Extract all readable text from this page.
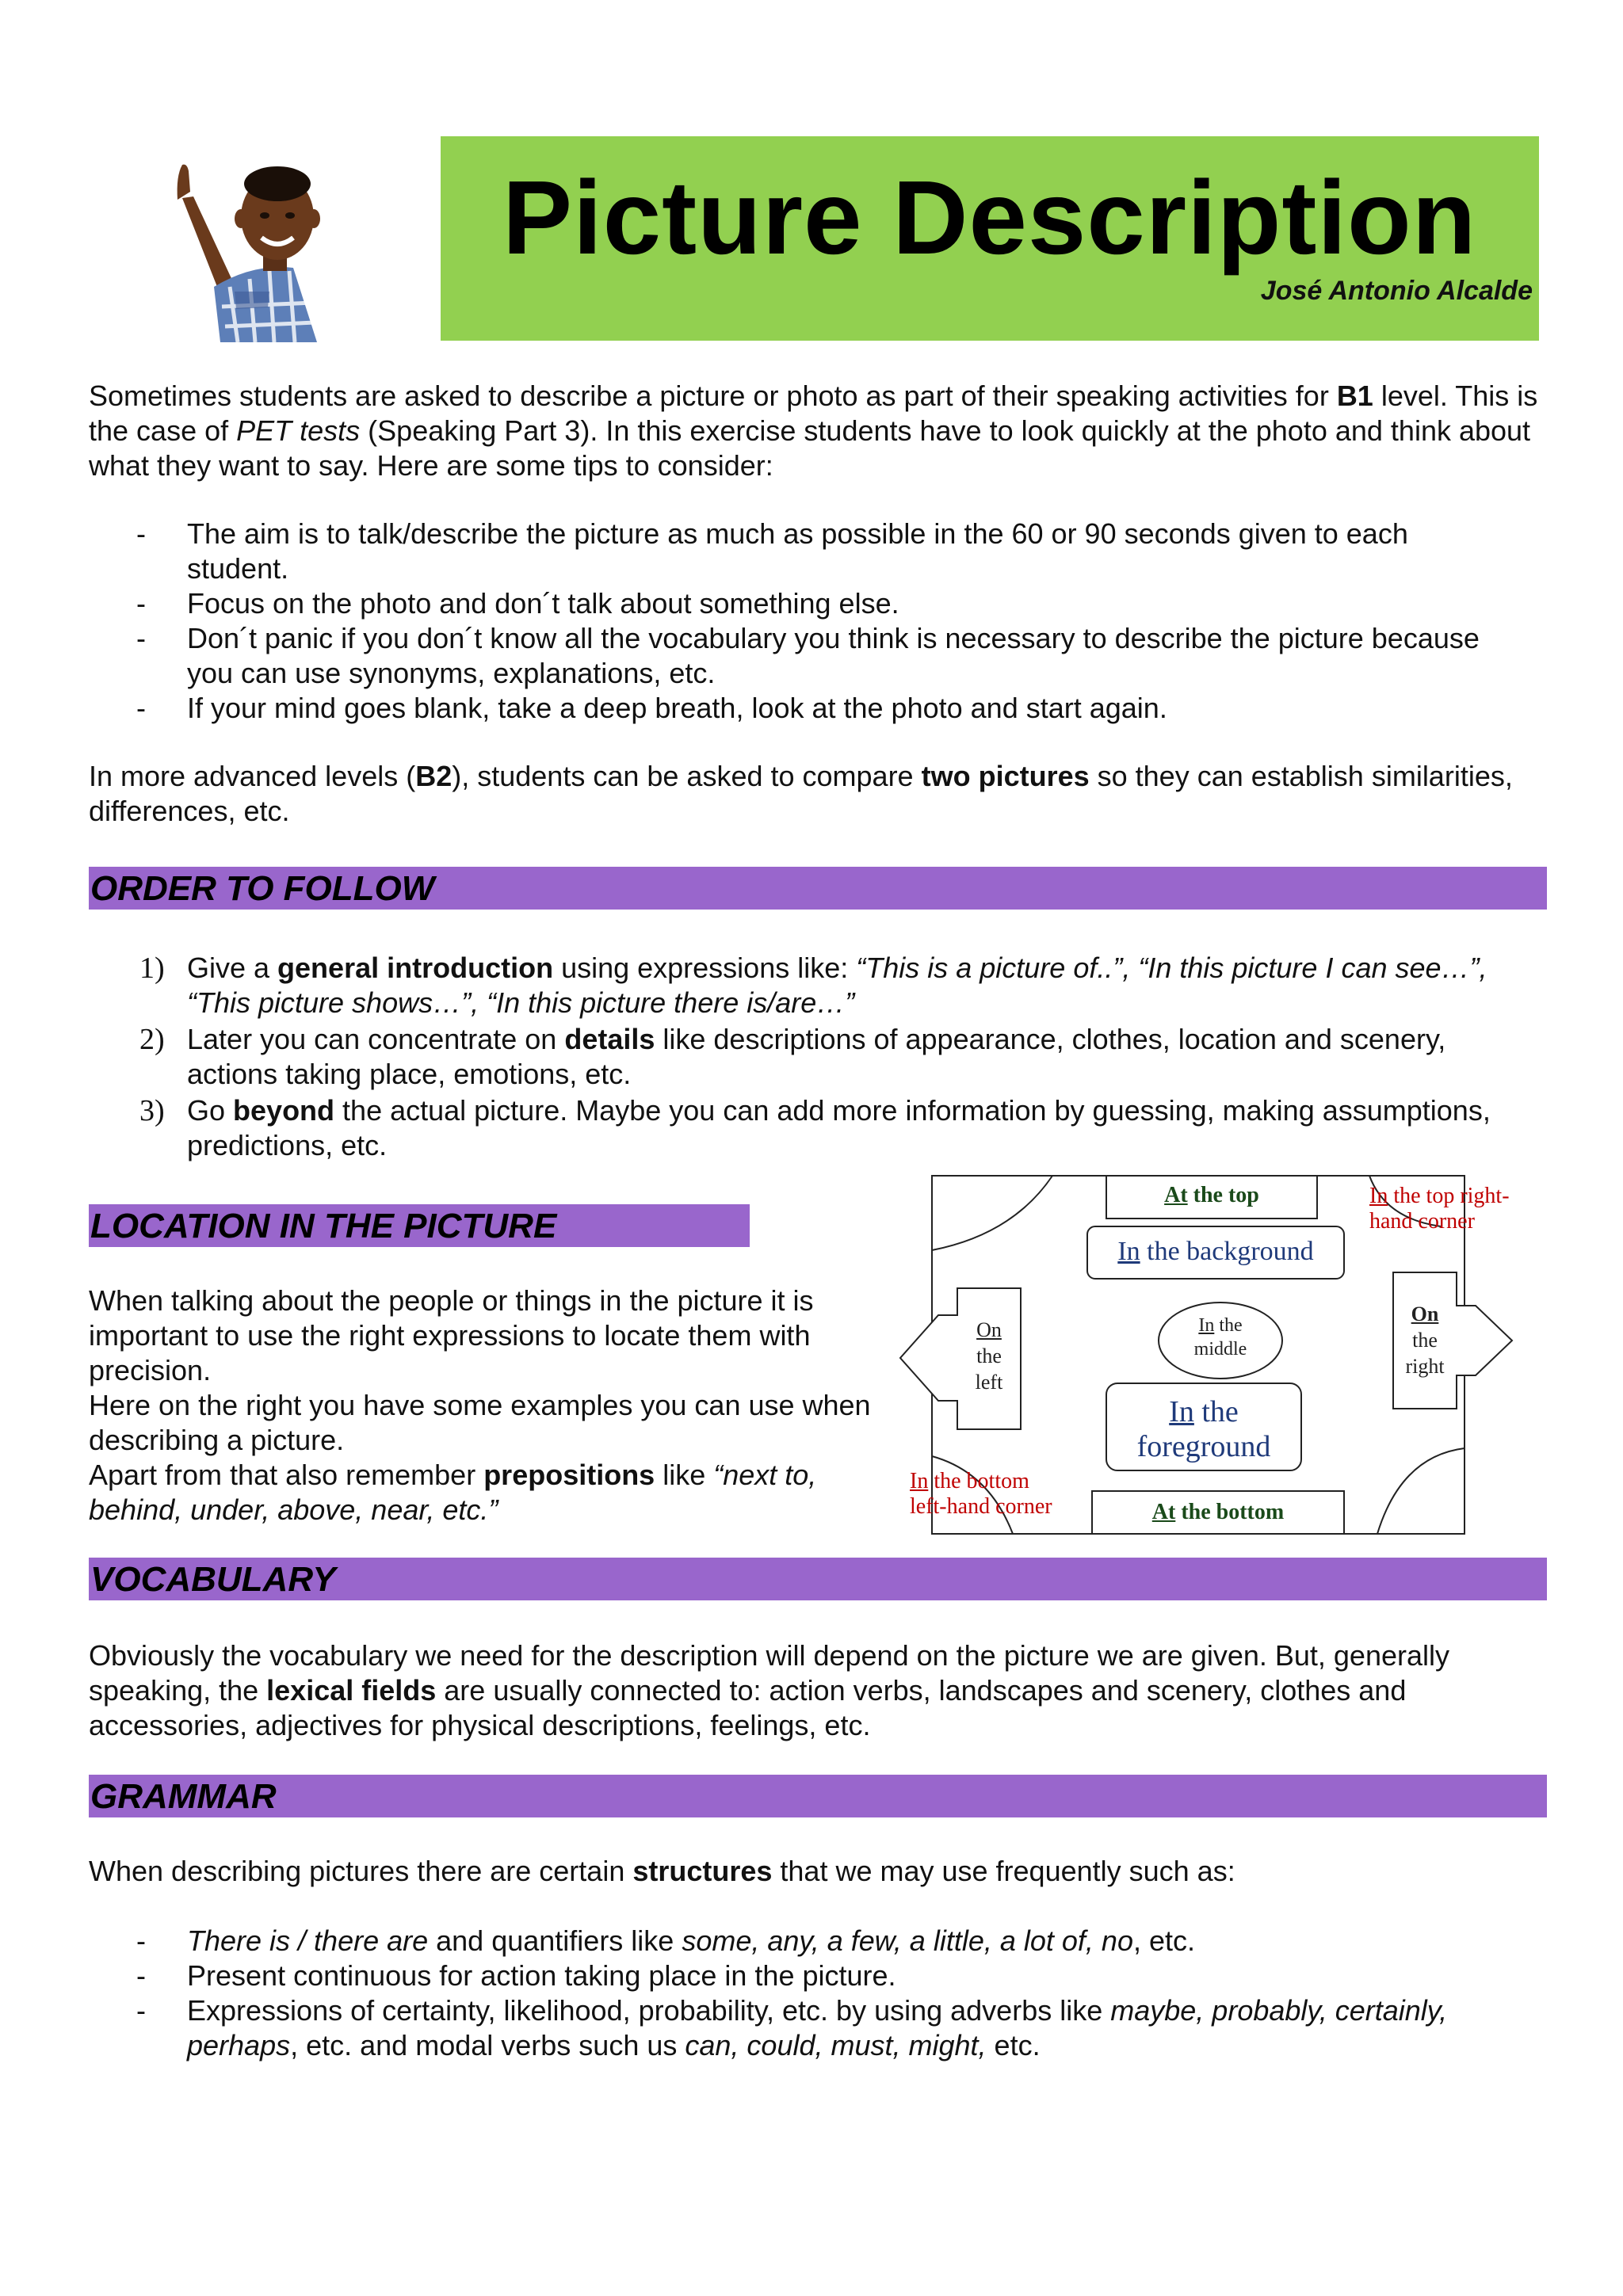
Picture Description
José Antonio Alcalde
Sometimes students are asked to describe a picture or photo as part of their speaking activities for B1 level. This is the case of PET tests (Speaking Part 3). In this exercise students have to look quickly at the photo and think about what they want to say. Here are some tips to consider:
- The aim is to talk/describe the picture as much as possible in the 60 or 90 seconds given to each student.
- Focus on the photo and don´t talk about something else.
- Don´t panic if you don´t know all the vocabulary you think is necessary to describe the picture because you can use synonyms, explanations, etc.
- If your mind goes blank, take a deep breath, look at the photo and start again.
In more advanced levels (B2), students can be asked to compare two pictures so they can establish similarities, differences, etc.
ORDER TO FOLLOW
1) Give a general introduction using expressions like: “This is a picture of..”, “In this picture I can see…”, “This picture shows…”, “In this picture there is/are…”
2) Later you can concentrate on details like descriptions of appearance, clothes, location and scenery, actions taking place, emotions, etc.
3) Go beyond the actual picture. Maybe you can add more information by guessing, making assumptions, predictions, etc.
LOCATION IN THE PICTURE
When talking about the people or things in the picture it is important to use the right expressions to locate them with precision.
Here on the right you have some examples you can use when describing a picture.
Apart from that also remember prepositions like “next to, behind, under, above, near, etc.”
At the top	In the top right-
hand corner
In the background
In the
middle
On
the
left
On
the
right
In the
foreground
In the bottom
left-hand corner	At the bottom
VOCABULARY
Obviously the vocabulary we need for the description will depend on the picture we are given. But, generally speaking, the lexical fields are usually connected to: action verbs, landscapes and scenery, clothes and accessories, adjectives for physical descriptions, feelings, etc.
GRAMMAR
When describing pictures there are certain structures that we may use frequently such as:
- There is / there are and quantifiers like some, any, a few, a little, a lot of, no, etc.
- Present continuous for action taking place in the picture.
- Expressions of certainty, likelihood, probability, etc. by using adverbs like maybe, probably, certainly, perhaps, etc. and modal verbs such us can, could, must, might, etc.
